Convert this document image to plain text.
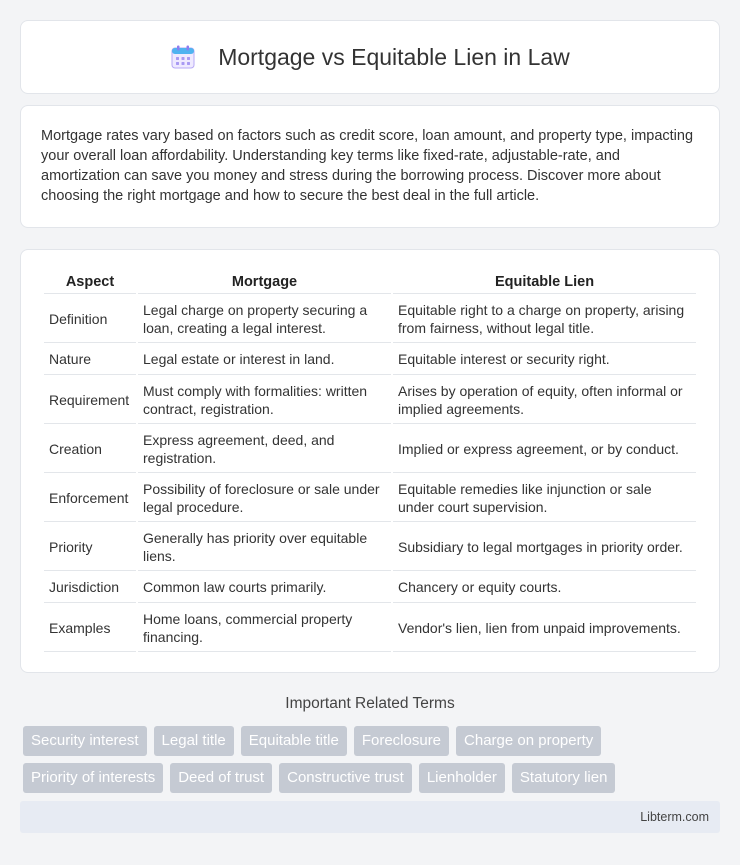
Mortgage vs Equitable Lien in Law

Mortgage rates vary based on factors such as credit score, loan amount, and property type, impacting your overall loan affordability. Understanding key terms like fixed-rate, adjustable-rate, and amortization can save you money and stress during the borrowing process. Discover more about choosing the right mortgage and how to secure the best deal in the full article.

Aspect	Mortgage	Equitable Lien
Definition	Legal charge on property securing a loan, creating a legal interest.	Equitable right to a charge on property, arising from fairness, without legal title.
Nature	Legal estate or interest in land.	Equitable interest or security right.
Requirement	Must comply with formalities: written contract, registration.	Arises by operation of equity, often informal or implied agreements.
Creation	Express agreement, deed, and registration.	Implied or express agreement, or by conduct.
Enforcement	Possibility of foreclosure or sale under legal procedure.	Equitable remedies like injunction or sale under court supervision.
Priority	Generally has priority over equitable liens.	Subsidiary to legal mortgages in priority order.
Jurisdiction	Common law courts primarily.	Chancery or equity courts.
Examples	Home loans, commercial property financing.	Vendor's lien, lien from unpaid improvements.
Important Related Terms
Security interest	Legal title	Equitable title	Foreclosure	Charge on property
Priority of interests	Deed of trust	Constructive trust	Lienholder	Statutory lien
Libterm.com
